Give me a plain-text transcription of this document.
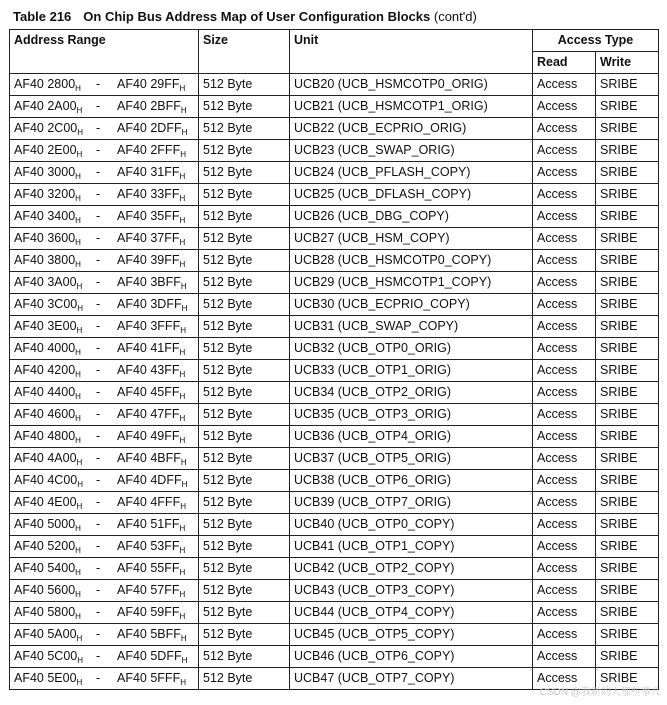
Table 216 On Chip Bus Address Map of User Configuration Blocks (cont'd)
Address Range	Size	Unit	Access Type	
			Read	Write
AF40 $2800_H - AF40$ $29FF_H$	512 Byte	UCB20 (UCB_HSMCOTP0_ORIG)	Access	SRIBE
AF40 $2A00_H - AF40$ $2BFF_H$	512 Byte	UCB21 (UCB_HSMCOTP1_ORIG)	Access	SRIBE
AF40 $2C00_H - AF40$ $2DFF_H$	512 Byte	UCB22 (UCB_ECPRIO_ORIG)	Access	SRIBE
AF40 $2E00_H - AF40$ $2FFF_H$	512 Byte	UCB23 (UCB_SWAP_ORIG)	Access	SRIBE
AF40 $3000_H - AF40$ $31FF_H$	512 Byte	UCB24 (UCB_PFLASH_COPY)	Access	SRIBE
AF40 $3200_H - AF40$ $33FF_H$	512 Byte	UCB25 (UCB_DFLASH_COPY)	Access	SRIBE
AF40 $3400_H - AF40$ $35FF_H$	512 Byte	UCB26 (UCB_DBG_COPY)	Access	SRIBE
AF40 $3600_H - AF40$ $37FF_H$	512 Byte	UCB27 (UCB_HSM_COPY)	Access	SRIBE
AF40 $3800_H - AF40$ $39FF_H$	512 Byte	UCB28 (UCB_HSMCOTP0_COPY)	Access	SRIBE
AF40 $3A00_H - AF40$ $3BFF_H$	512 Byte	UCB29 (UCB_HSMCOTP1_COPY)	Access	SRIBE
AF40 $3C00_H - AF40$ $3DFF_H$	512 Byte	UCB30 (UCB_ECPRIO_COPY)	Access	SRIBE
AF40 $3E00_H - AF40$ $3FFF_H$	512 Byte	UCB31 (UCB_SWAP_COPY)	Access	SRIBE
AF40 $4000_H - AF40$ $41FF_H$	512 Byte	UCB32 (UCB_OTP0_ORIG)	Access	SRIBE
AF40 $4200_H - AF40$ $43FF_H$	512 Byte	UCB33 (UCB_OTP1_ORIG)	Access	SRIBE
AF40 $4400_H - AF40$ $45FF_H$	512 Byte	UCB34 (UCB_OTP2_ORIG)	Access	SRIBE
AF40 $4600_H - AF40$ $47FF_H$	512 Byte	UCB35 (UCB_OTP3_ORIG)	Access	SRIBE
AF40 $4800_H - AF40$ $49FF_H$	512 Byte	UCB36 (UCB_OTP4_ORIG)	Access	SRIBE
AF40 $4A00_H - AF40$ $4BFF_H$	512 Byte	UCB37 (UCB_OTP5_ORIG)	Access	SRIBE
AF40 $4C00_H - AF40$ $4DFF_H$	512 Byte	UCB38 (UCB_OTP6_ORIG)	Access	SRIBE
AF40 $4E00_H - AF40$ $4FFF_H$	512 Byte	UCB39 (UCB_OTP7_ORIG)	Access	SRIBE
AF40 $5000_H - AF40$ $51FF_H$	512 Byte	UCB40 (UCB_OTP0_COPY)	Access	SRIBE
AF40 $5200_H - AF40$ $53FF_H$	512 Byte	UCB41 (UCB_OTP1_COPY)	Access	SRIBE
AF40 $5400_H - AF40$ $55FF_H$	512 Byte	UCB42 (UCB_OTP2_COPY)	Access	SRIBE
AF40 $5600_H - AF40$ $57FF_H$	512 Byte	UCB43 (UCB_OTP3_COPY)	Access	SRIBE
AF40 $5800_H - AF40$ $59FF_H$	512 Byte	UCB44 (UCB_OTP4_COPY)	Access	SRIBE
AF40 $5A00_H - AF40$ $5BFF_H$	512 Byte	UCB45 (UCB_OTP5_COPY)	Access	SRIBE
AF40 $5C00_H - AF40$ $5DFF_H$	512 Byte	UCB46 (UCB_OTP6_COPY)	Access	SRIBE
AF40 $5E00_H - AF40$ $5FFF_H$	512 Byte	UCB47 (UCB_OTP7_COPY)	Access	SRIBE
CSDN @我新的人那些事儿
